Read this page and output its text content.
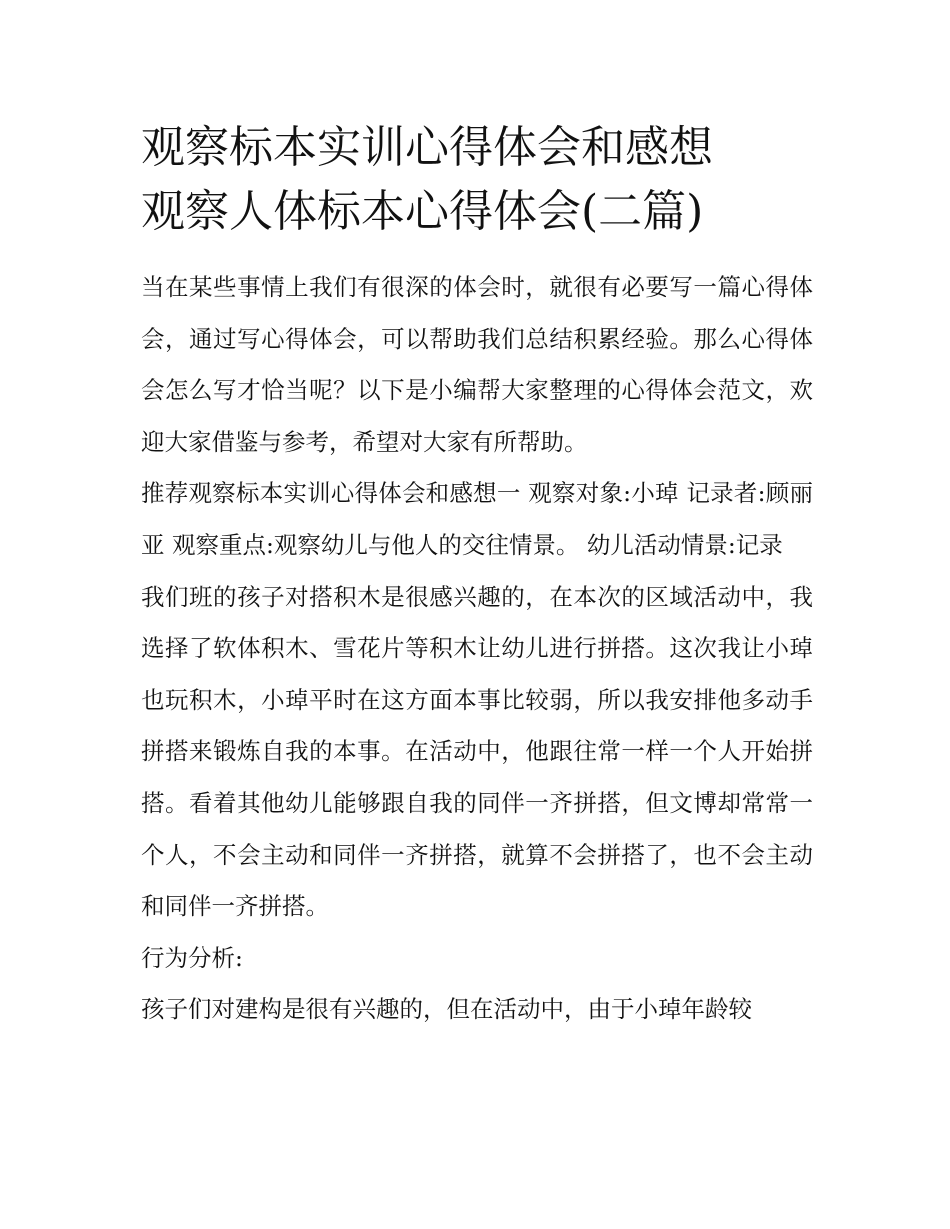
观察标本实训心得体会和感想
观察人体标本心得体会(二篇)

当在某些事情上我们有很深的体会时，就很有必要写一篇心得体会，通过写心得体会，可以帮助我们总结积累经验。那么心得体会怎么写才恰当呢？以下是小编帮大家整理的心得体会范文，欢迎大家借鉴与参考，希望对大家有所帮助。

推荐观察标本实训心得体会和感想一 观察对象:小琸 记录者:顾丽亚 观察重点:观察幼儿与他人的交往情景。 幼儿活动情景:记录

我们班的孩子对搭积木是很感兴趣的，在本次的区域活动中，我选择了软体积木、雪花片等积木让幼儿进行拼搭。这次我让小琸也玩积木，小琸平时在这方面本事比较弱，所以我安排他多动手拼搭来锻炼自我的本事。在活动中，他跟往常一样一个人开始拼搭。看着其他幼儿能够跟自我的同伴一齐拼搭，但文博却常常一个人，不会主动和同伴一齐拼搭，就算不会拼搭了，也不会主动和同伴一齐拼搭。

行为分析:

孩子们对建构是很有兴趣的，但在活动中，由于小琸年龄较
